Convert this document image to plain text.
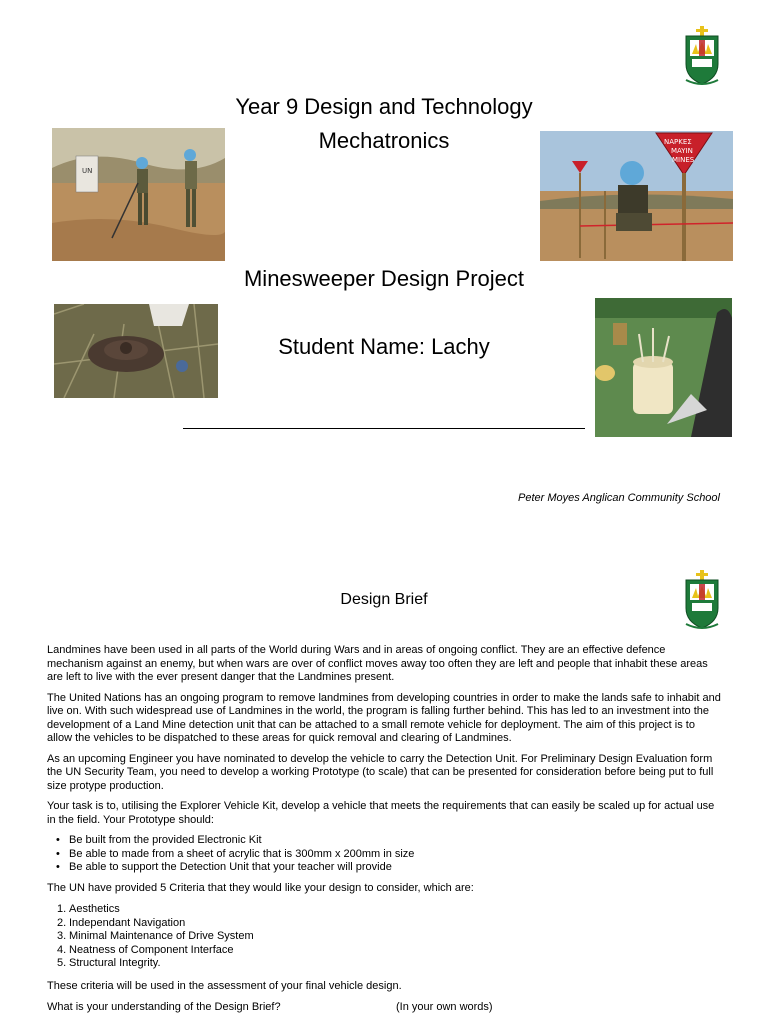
Year 9 Design and Technology
Mechatronics
UN
ΝΑΡΚΕΣ
MAYIN
MINES
Minesweeper Design Project
Student Name: Lachy
Peter Moyes Anglican Community School
Design Brief

Landmines have been used in all parts of the World during Wars and in areas of ongoing conflict. They are an effective defence mechanism against an enemy, but when wars are over of conflict moves away too often they are left and people that inhabit these areas are left to live with the ever present danger that the Landmines present.

The United Nations has an ongoing program to remove landmines from developing countries in order to make the lands safe to inhabit and live on. With such widespread use of Landmines in the world, the program is falling further behind. This has led to an investment into the development of a Land Mine detection unit that can be attached to a small remote vehicle for deployment. The aim of this project is to allow the vehicles to be dispatched to these areas for quick removal and clearing of Landmines.

As an upcoming Engineer you have nominated to develop the vehicle to carry the Detection Unit. For Preliminary Design Evaluation form the UN Security Team, you need to develop a working Prototype (to scale) that can be presented for consideration before being put to full size protype production.

Your task is to, utilising the Explorer Vehicle Kit, develop a vehicle that meets the requirements that can easily be scaled up for actual use in the field. Your Prototype should:

• Be built from the provided Electronic Kit
• Be able to made from a sheet of acrylic that is 300mm x 200mm in size
• Be able to support the Detection Unit that your teacher will provide

The UN have provided 5 Criteria that they would like your design to consider, which are:

1. Aesthetics
2. Independant Navigation
3. Minimal Maintenance of Drive System
4. Neatness of Component Interface
5. Structural Integrity.

These criteria will be used in the assessment of your final vehicle design.

What is your understanding of the Design Brief?	(In your own words)
